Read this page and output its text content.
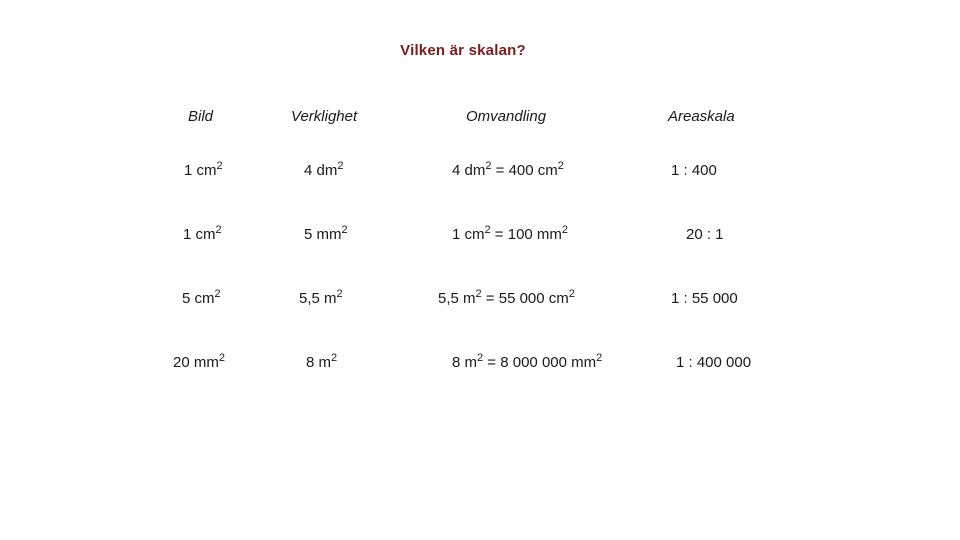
Vilken är skalan?
Bild	Verklighet	Omvandling	Areaskala
1 $cm^2$	4 $dm^2$	4 $dm^2 = 400$ $cm^2$	1 : 400
1 $cm^2$	5 $mm^2$	1 $cm^2 = 100$ $mm^2$	20 : 1
5 $cm^2$	5,5 $m^2$	5,5 $m^2 = 55$ 000 $cm^2$	1 : 55 000
20 $mm^2$	8 $m^2$	8 $m^2 = 8$ 000 000 $mm^2$	1 : 400 000
